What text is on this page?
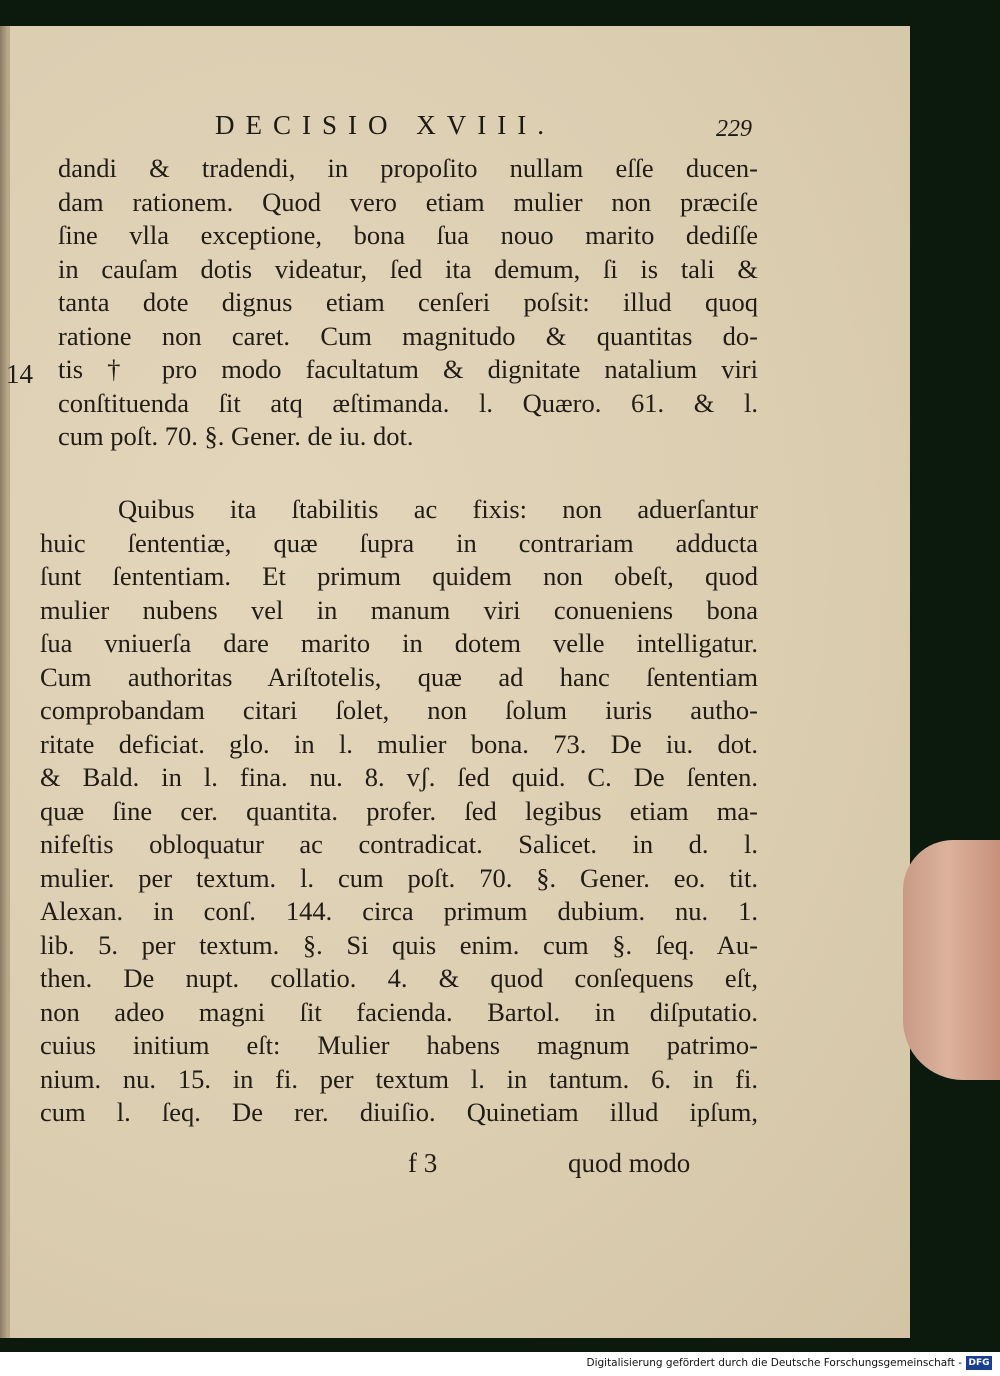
DECISIO XVIII.	229
dandi & tradendi, in propoſito nullam eſſe ducen‑
dam rationem. Quod vero etiam mulier non præciſe
ſine vlla exceptione, bona ſua nouo marito dediſſe
in cauſam dotis videatur, ſed ita demum, ſi is tali &
tanta dote dignus etiam cenſeri poſsit: illud quoq
ratione non caret. Cum magnitudo & quantitas do‑
tis † pro modo facultatum & dignitate natalium viri
conſtituenda ſit atq æſtimanda. l. Quæro. 61. & l.
cum poſt. 70. §. Gener. de iu. dot.
14
Quibus ita ſtabilitis ac fixis: non aduerſantur
huic ſententiæ, quæ ſupra in contrariam adducta
ſunt ſententiam. Et primum quidem non obeſt, quod
mulier nubens vel in manum viri conueniens bona
ſua vniuerſa dare marito in dotem velle intelligatur.
Cum authoritas Ariſtotelis, quæ ad hanc ſententiam
comprobandam citari ſolet, non ſolum iuris autho‑
ritate deficiat. glo. in l. mulier bona. 73. De iu. dot.
& Bald. in l. fina. nu. 8. vʃ. ſed quid. C. De ſenten.
quæ ſine cer. quantita. profer. ſed legibus etiam ma‑
nifeſtis obloquatur ac contradicat. Salicet. in d. l.
mulier. per textum. l. cum poſt. 70. §. Gener. eo. tit.
Alexan. in conſ. 144. circa primum dubium. nu. 1.
lib. 5. per textum. §. Si quis enim. cum §. ſeq. Au‑
then. De nupt. collatio. 4. & quod conſequens eſt,
non adeo magni ſit facienda. Bartol. in diſputatio.
cuius initium eſt: Mulier habens magnum patrimo‑
nium. nu. 15. in fi. per textum l. in tantum. 6. in fi.
cum l. ſeq. De rer. diuiſio. Quinetiam illud ipſum,
f 3	quod modo
Digitalisierung gefördert durch die Deutsche Forschungsgemeinschaft - DFG
